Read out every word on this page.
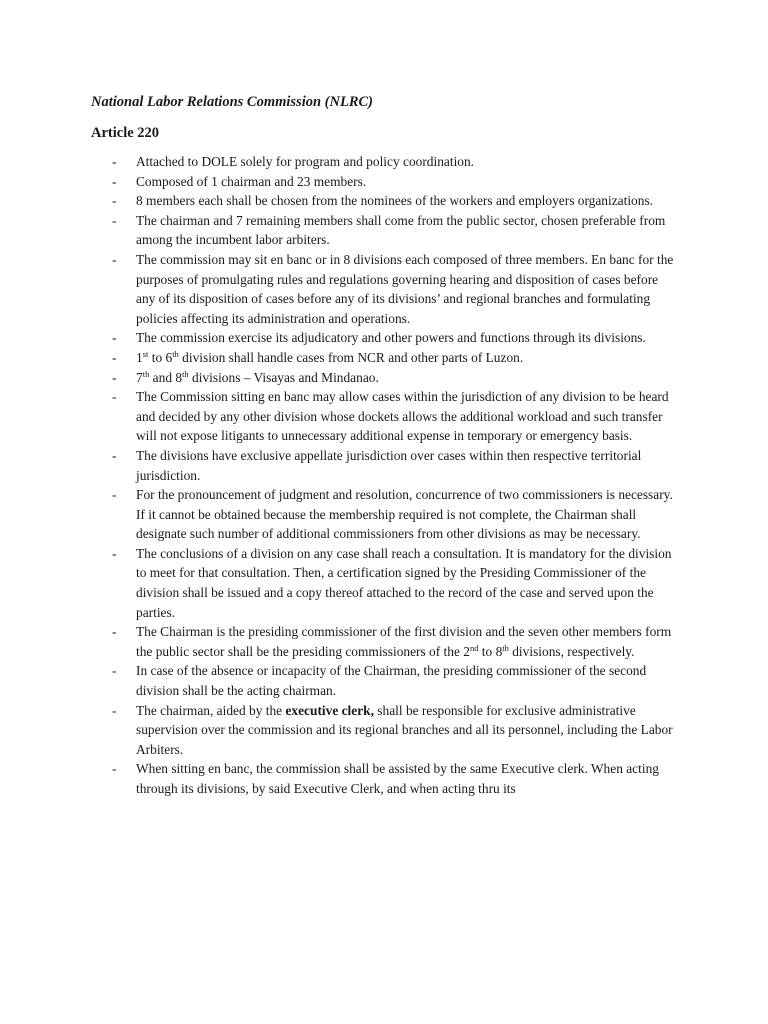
National Labor Relations Commission (NLRC)
Article 220
- Attached to DOLE solely for program and policy coordination.
- Composed of 1 chairman and 23 members.
- 8 members each shall be chosen from the nominees of the workers and employers organizations.
- The chairman and 7 remaining members shall come from the public sector, chosen preferable from among the incumbent labor arbiters.
- The commission may sit en banc or in 8 divisions each composed of three members. En banc for the purposes of promulgating rules and regulations governing hearing and disposition of cases before any of its disposition of cases before any of its divisions’ and regional branches and formulating policies affecting its administration and operations.
- The commission exercise its adjudicatory and other powers and functions through its divisions.
- 1st to 6th division shall handle cases from NCR and other parts of Luzon.
- 7th and 8th divisions – Visayas and Mindanao.
- The Commission sitting en banc may allow cases within the jurisdiction of any division to be heard and decided by any other division whose dockets allows the additional workload and such transfer will not expose litigants to unnecessary additional expense in temporary or emergency basis.
- The divisions have exclusive appellate jurisdiction over cases within then respective territorial jurisdiction.
- For the pronouncement of judgment and resolution, concurrence of two commissioners is necessary. If it cannot be obtained because the membership required is not complete, the Chairman shall designate such number of additional commissioners from other divisions as may be necessary.
- The conclusions of a division on any case shall reach a consultation. It is mandatory for the division to meet for that consultation. Then, a certification signed by the Presiding Commissioner of the division shall be issued and a copy thereof attached to the record of the case and served upon the parties.
- The Chairman is the presiding commissioner of the first division and the seven other members form the public sector shall be the presiding commissioners of the 2nd to 8th divisions, respectively.
- In case of the absence or incapacity of the Chairman, the presiding commissioner of the second division shall be the acting chairman.
- The chairman, aided by the executive clerk, shall be responsible for exclusive administrative supervision over the commission and its regional branches and all its personnel, including the Labor Arbiters.
- When sitting en banc, the commission shall be assisted by the same Executive clerk. When acting through its divisions, by said Executive Clerk, and when acting thru its
